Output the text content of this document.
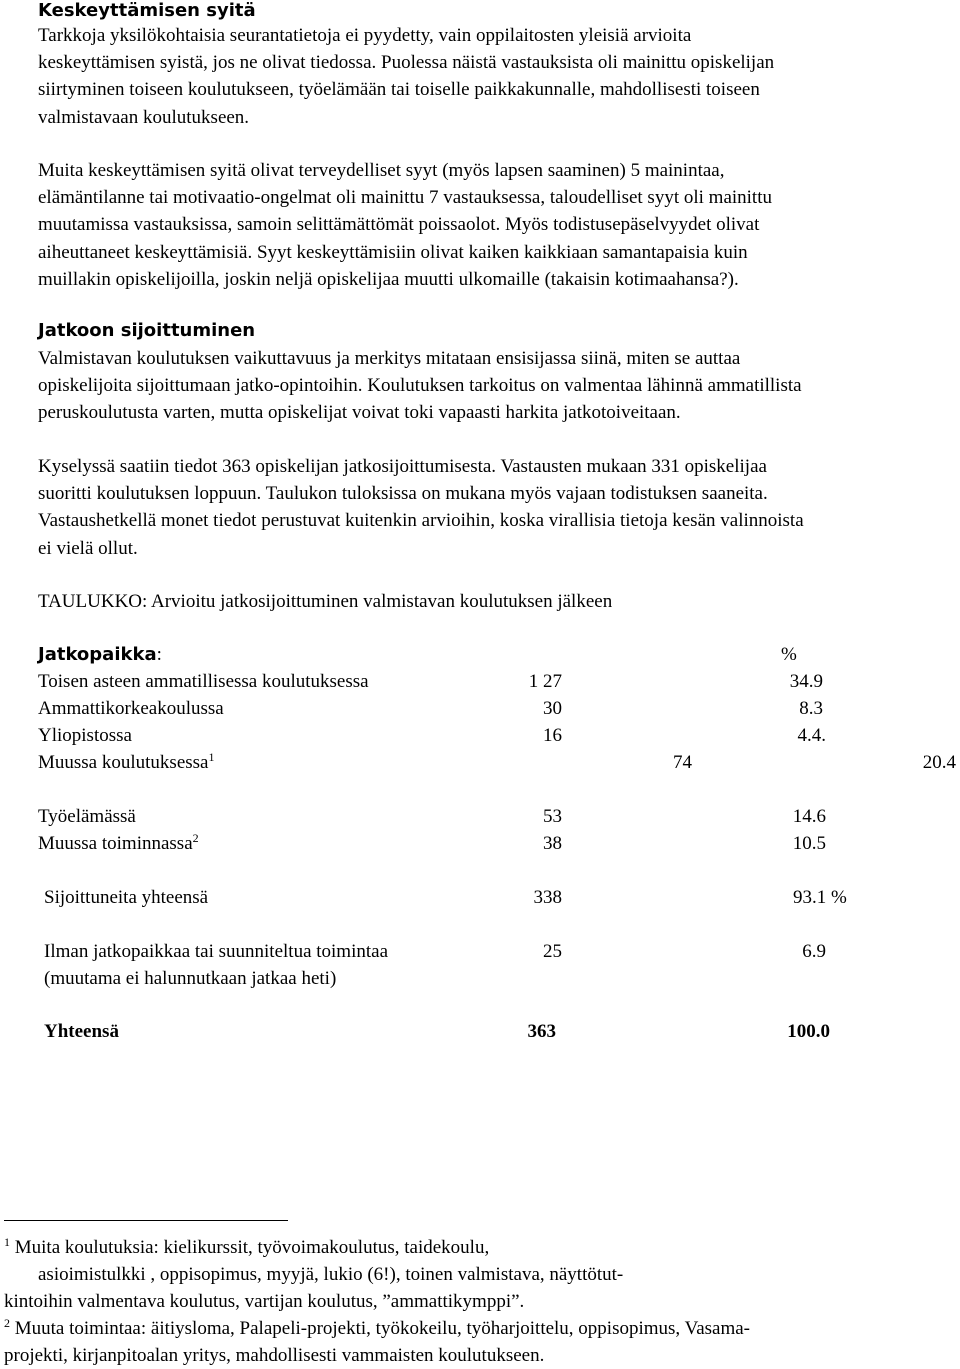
Keskeyttämisen syitä
Tarkkoja yksilökohtaisia seurantatietoja ei pyydetty, vain oppilaitosten yleisiä arvioita
keskeyttämisen syistä, jos ne olivat tiedossa. Puolessa näistä vastauksista oli mainittu opiskelijan
siirtyminen toiseen koulutukseen, työelämään tai toiselle paikkakunnalle, mahdollisesti toiseen
valmistavaan koulutukseen.
Muita keskeyttämisen syitä olivat terveydelliset syyt (myös lapsen saaminen) 5 mainintaa,
elämäntilanne tai motivaatio-ongelmat oli mainittu 7 vastauksessa, taloudelliset syyt oli mainittu
muutamissa vastauksissa, samoin selittämättömät poissaolot. Myös todistusepäselvyydet olivat
aiheuttaneet keskeyttämisiä. Syyt keskeyttämisiin olivat kaiken kaikkiaan samantapaisia kuin
muillakin opiskelijoilla, joskin neljä opiskelijaa muutti ulkomaille (takaisin kotimaahansa?).
Jatkoon sijoittuminen
Valmistavan koulutuksen vaikuttavuus ja merkitys mitataan ensisijassa siinä, miten se auttaa
opiskelijoita sijoittumaan jatko-opintoihin. Koulutuksen tarkoitus on valmentaa lähinnä ammatillista
peruskoulutusta varten, mutta opiskelijat voivat toki vapaasti harkita jatkotoiveitaan.
Kyselyssä saatiin tiedot 363 opiskelijan jatkosijoittumisesta. Vastausten mukaan 331 opiskelijaa
suoritti koulutuksen loppuun. Taulukon tuloksissa on mukana myös vajaan todistuksen saaneita.
Vastaushetkellä monet tiedot perustuvat kuitenkin arvioihin, koska virallisia tietoja kesän valinnoista
ei vielä ollut.
TAULUKKO: Arvioitu jatkosijoittuminen valmistavan koulutuksen jälkeen
Jatkopaikka:	%
Toisen asteen ammatillisessa koulutuksessa	1 27	34.9
Ammattikorkeakoulussa	30	8.3
Yliopistossa	16	4.4.
Muussa koulutuksessa$^1$	74	20.4
Työelämässä	53	14.6
Muussa toiminnassa$^2$	38	10.5
Sijoittuneita yhteensä	338	93.1 %
Ilman jatkopaikkaa tai suunniteltua toimintaa
(muutama ei halunnutkaan jatkaa heti)
25	6.9
Yhteensä	363	100.0
$^1$ Muita koulutuksia: kielikurssit, työvoimakoulutus, taidekoulu,
asioimistulkki , oppisopimus, myyjä, lukio (6!), toinen valmistava, näyttötut-
kintoihin valmentava koulutus, vartijan koulutus, ”ammattikymppi”.
$^2$ Muuta toimintaa: äitiysloma, Palapeli-projekti, työkokeilu, työharjoittelu, oppisopimus, Vasama-
projekti, kirjanpitoalan yritys, mahdollisesti vammaisten koulutukseen.
